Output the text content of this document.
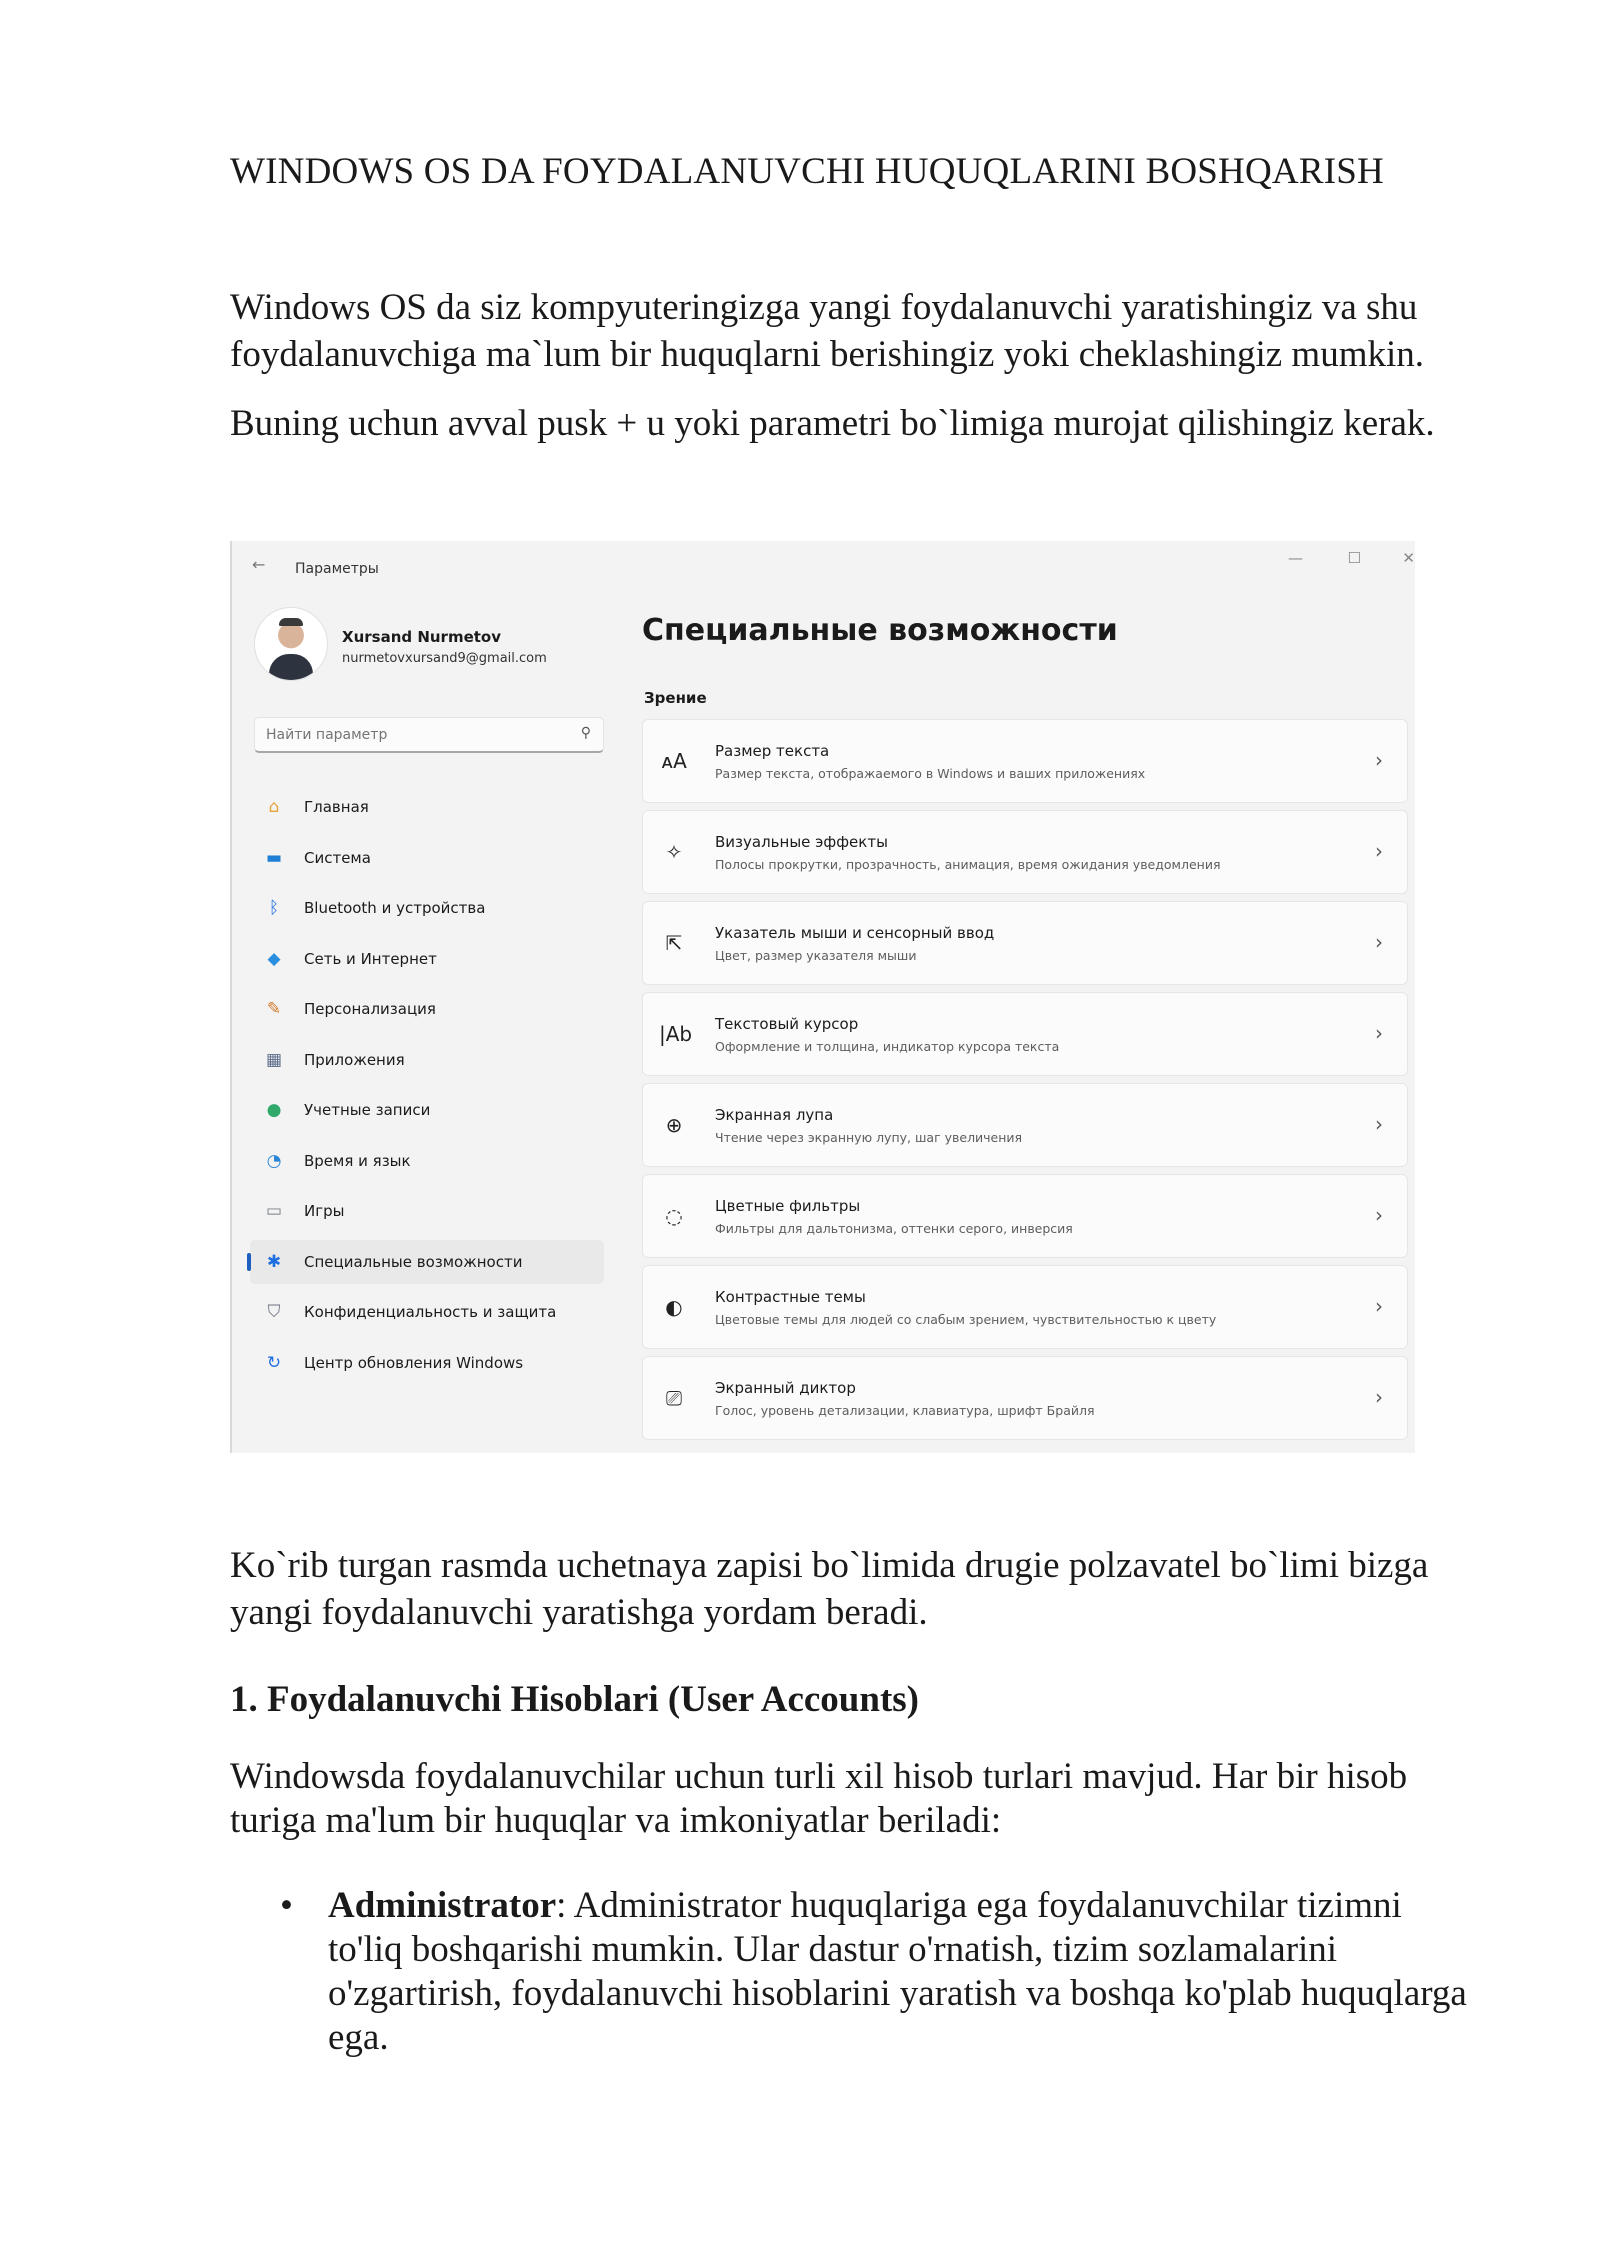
WINDOWS OS DA FOYDALANUVCHI HUQUQLARINI BOSHQARISH
Windows OS da siz kompyuteringizga yangi foydalanuvchi yaratishingiz va shu
foydalanuvchiga ma`lum bir huquqlarni berishingiz yoki cheklashingiz mumkin.
Buning uchun avval pusk + u yoki parametri bo`limiga murojat qilishingiz kerak.
← Параметры
—	☐	✕
Xursand Nurmetov
nurmetovxursand9@gmail.com
Найти параметр
⚲
⌂	Главная
▬ Система
ᛒ	Bluetooth и устройства
◆	Сеть и Интернет
✎	Персонализация
▦ Приложения
●	Учетные записи
◔	Время и язык
▭ Игры
✱	Специальные возможности
⛉	Конфиденциальность и защита
↻	Центр обновления Windows
Специальные возможности
Зрение
ᴀA Размер текста
Размер текста, отображаемого в Windows и ваших приложениях
›
✧	Визуальные эффекты
Полосы прокрутки, прозрачность, анимация, время ожидания уведомления
›
⇱	Указатель мыши и сенсорный ввод
Цвет, размер указателя мыши
›
|Ab Текстовый курсор
Оформление и толщина, индикатор курсора текста
›
⊕	Экранная лупа
Чтение через экранную лупу, шаг увеличения
›
◌	Цветные фильтры
Фильтры для дальтонизма, оттенки серого, инверсия
›
◐	Контрастные темы
Цветовые темы для людей со слабым зрением, чувствительностью к цвету
›
⎚	Экранный диктор
Голос, уровень детализации, клавиатура, шрифт Брайля
›
Ko`rib turgan rasmda uchetnaya zapisi bo`limida drugie polzavatel bo`limi bizga
yangi foydalanuvchi yaratishga yordam beradi.
1. Foydalanuvchi Hisoblari (User Accounts)
Windowsda foydalanuvchilar uchun turli xil hisob turlari mavjud. Har bir hisob
turiga ma'lum bir huquqlar va imkoniyatlar beriladi:
• Administrator: Administrator huquqlariga ega foydalanuvchilar tizimni
to'liq boshqarishi mumkin. Ular dastur o'rnatish, tizim sozlamalarini
o'zgartirish, foydalanuvchi hisoblarini yaratish va boshqa ko'plab huquqlarga
ega.
